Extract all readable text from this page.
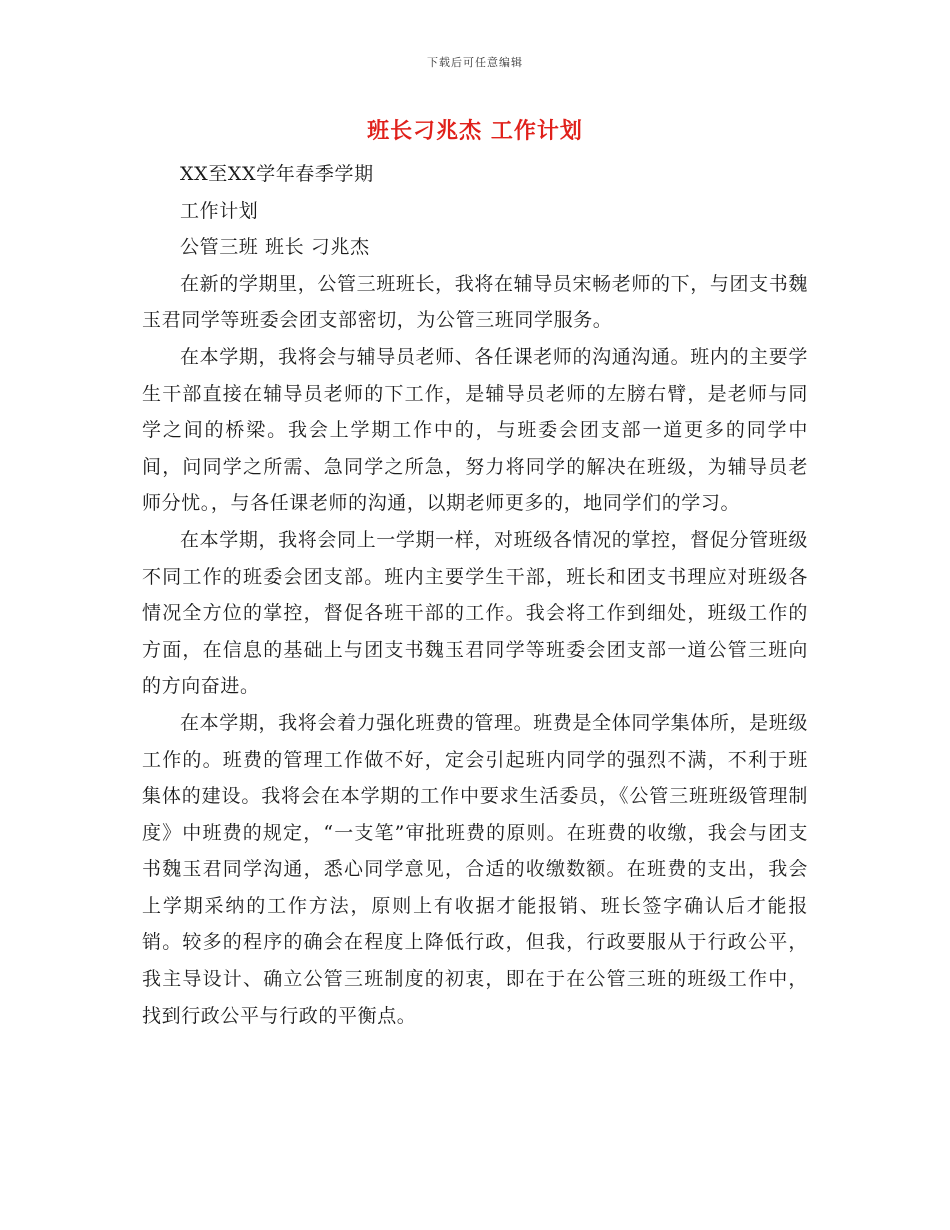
下载后可任意编辑
班长刁兆杰 工作计划

XX至XX学年春季学期

工作计划

公管三班 班长 刁兆杰

在新的学期里，公管三班班长，我将在辅导员宋畅老师的下，与团支书魏玉君同学等班委会团支部密切，为公管三班同学服务。

在本学期，我将会与辅导员老师、各任课老师的沟通沟通。班内的主要学生干部直接在辅导员老师的下工作，是辅导员老师的左膀右臂，是老师与同学之间的桥梁。我会上学期工作中的，与班委会团支部一道更多的同学中间，问同学之所需、急同学之所急，努力将同学的解决在班级，为辅导员老师分忧。，与各任课老师的沟通，以期老师更多的，地同学们的学习。

在本学期，我将会同上一学期一样，对班级各情况的掌控，督促分管班级不同工作的班委会团支部。班内主要学生干部，班长和团支书理应对班级各情况全方位的掌控，督促各班干部的工作。我会将工作到细处，班级工作的方面，在信息的基础上与团支书魏玉君同学等班委会团支部一道公管三班向的方向奋进。

在本学期，我将会着力强化班费的管理。班费是全体同学集体所，是班级工作的。班费的管理工作做不好，定会引起班内同学的强烈不满，不利于班集体的建设。我将会在本学期的工作中要求生活委员，《公管三班班级管理制度》中班费的规定，“一支笔”审批班费的原则。在班费的收缴，我会与团支书魏玉君同学沟通，悉心同学意见，合适的收缴数额。在班费的支出，我会上学期采纳的工作方法，原则上有收据才能报销、班长签字确认后才能报销。较多的程序的确会在程度上降低行政，但我，行政要服从于行政公平，我主导设计、确立公管三班制度的初衷，即在于在公管三班的班级工作中，找到行政公平与行政的平衡点。
